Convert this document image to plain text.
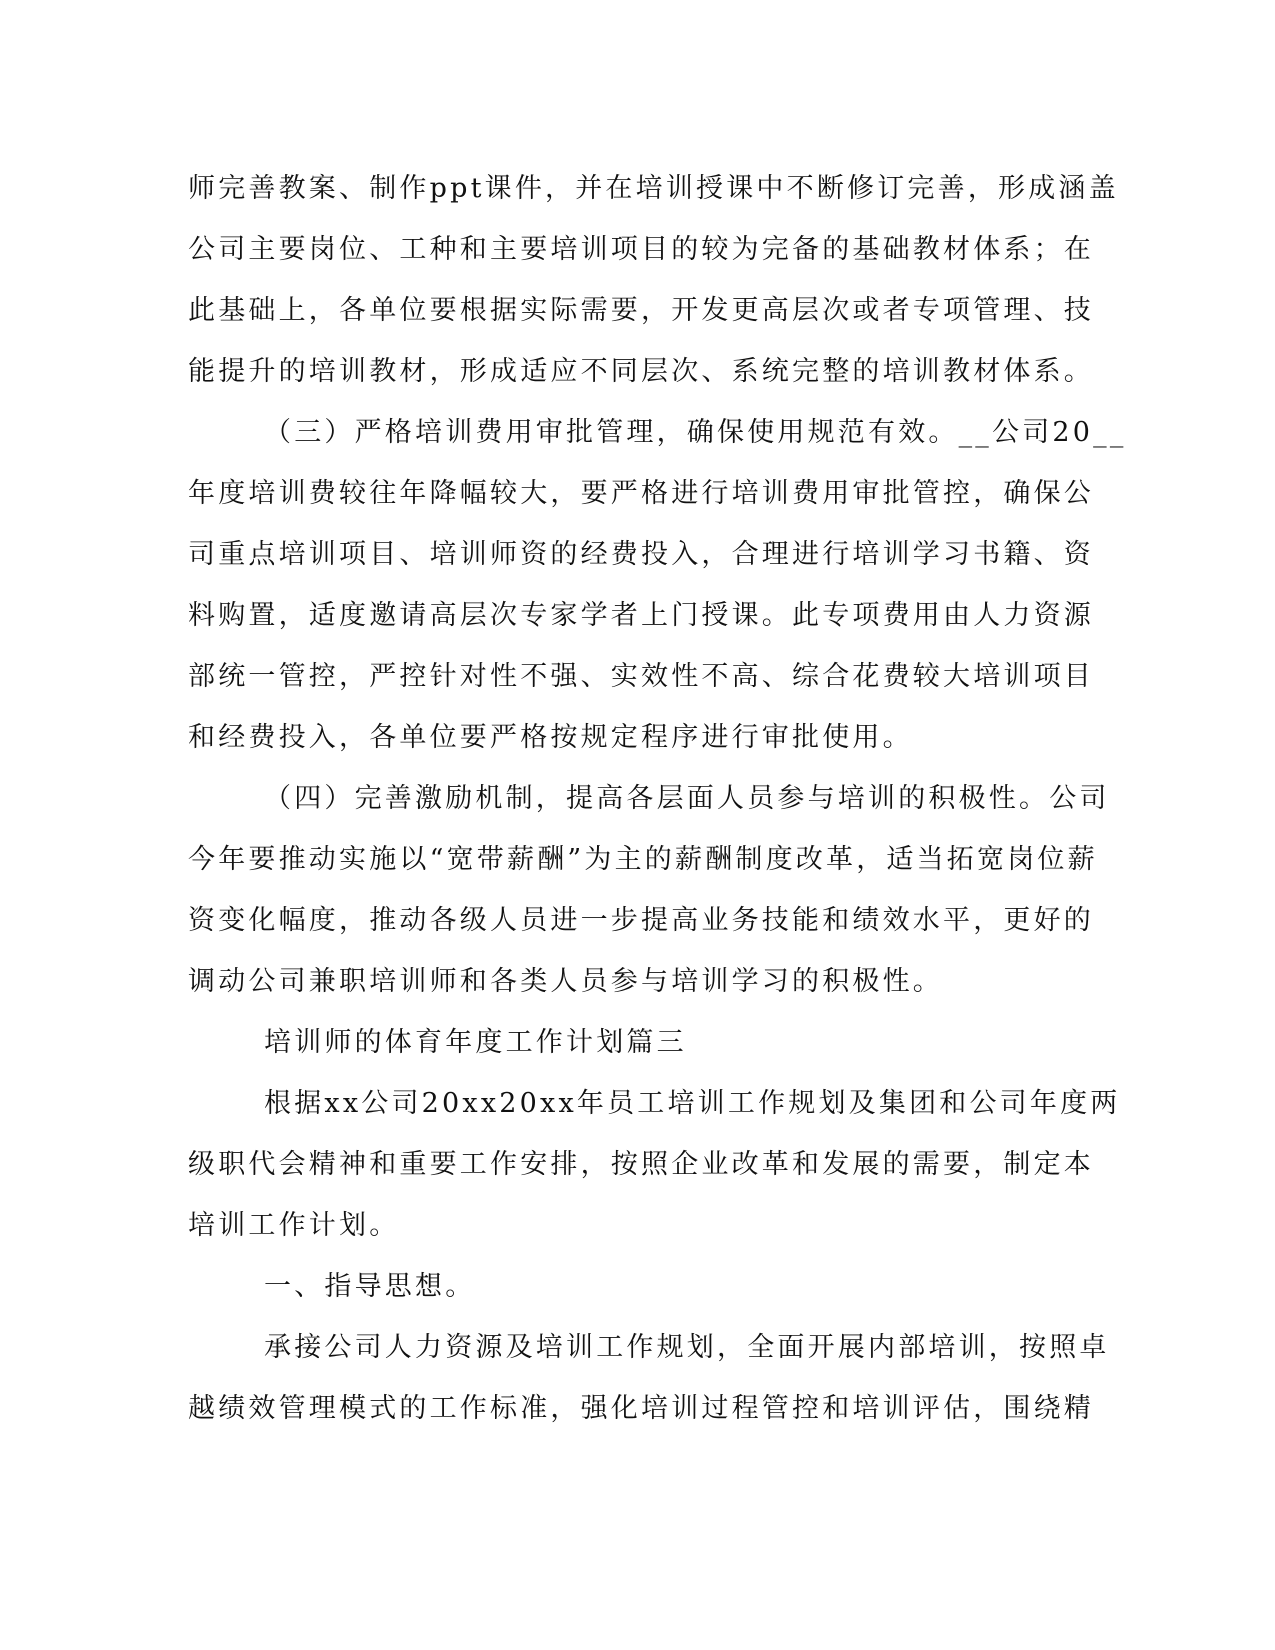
师完善教案、制作ppt课件，并在培训授课中不断修订完善，形成涵盖
公司主要岗位、工种和主要培训项目的较为完备的基础教材体系；在
此基础上，各单位要根据实际需要，开发更高层次或者专项管理、技
能提升的培训教材，形成适应不同层次、系统完整的培训教材体系。
（三）严格培训费用审批管理，确保使用规范有效。__公司20__
年度培训费较往年降幅较大，要严格进行培训费用审批管控，确保公
司重点培训项目、培训师资的经费投入，合理进行培训学习书籍、资
料购置，适度邀请高层次专家学者上门授课。此专项费用由人力资源
部统一管控，严控针对性不强、实效性不高、综合花费较大培训项目
和经费投入，各单位要严格按规定程序进行审批使用。
（四）完善激励机制，提高各层面人员参与培训的积极性。公司
今年要推动实施以“宽带薪酬”为主的薪酬制度改革，适当拓宽岗位薪
资变化幅度，推动各级人员进一步提高业务技能和绩效水平，更好的
调动公司兼职培训师和各类人员参与培训学习的积极性。
培训师的体育年度工作计划篇三
根据xx公司20xx20xx年员工培训工作规划及集团和公司年度两
级职代会精神和重要工作安排，按照企业改革和发展的需要，制定本
培训工作计划。
一、指导思想。
承接公司人力资源及培训工作规划，全面开展内部培训，按照卓
越绩效管理模式的工作标准，强化培训过程管控和培训评估，围绕精
